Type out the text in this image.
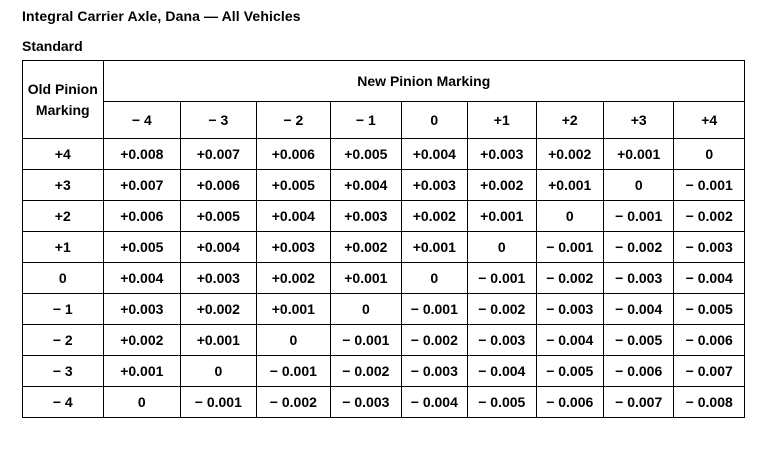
Integral Carrier Axle, Dana — All Vehicles
Standard
Old Pinion Marking	New Pinion Marking								
	− 4	− 3	− 2	− 1	0	+1	+2	+3	+4
+4	+0.008	+0.007	+0.006	+0.005	+0.004	+0.003	+0.002	+0.001	0
+3	+0.007	+0.006	+0.005	+0.004	+0.003	+0.002	+0.001	0	− 0.001
+2	+0.006	+0.005	+0.004	+0.003	+0.002	+0.001	0	− 0.001	− 0.002
+1	+0.005	+0.004	+0.003	+0.002	+0.001	0	− 0.001	− 0.002	− 0.003
0	+0.004	+0.003	+0.002	+0.001	0	− 0.001	− 0.002	− 0.003	− 0.004
− 1	+0.003	+0.002	+0.001	0	− 0.001	− 0.002	− 0.003	− 0.004	− 0.005
− 2	+0.002	+0.001	0	− 0.001	− 0.002	− 0.003	− 0.004	− 0.005	− 0.006
− 3	+0.001	0	− 0.001	− 0.002	− 0.003	− 0.004	− 0.005	− 0.006	− 0.007
− 4	0	− 0.001	− 0.002	− 0.003	− 0.004	− 0.005	− 0.006	− 0.007	− 0.008
